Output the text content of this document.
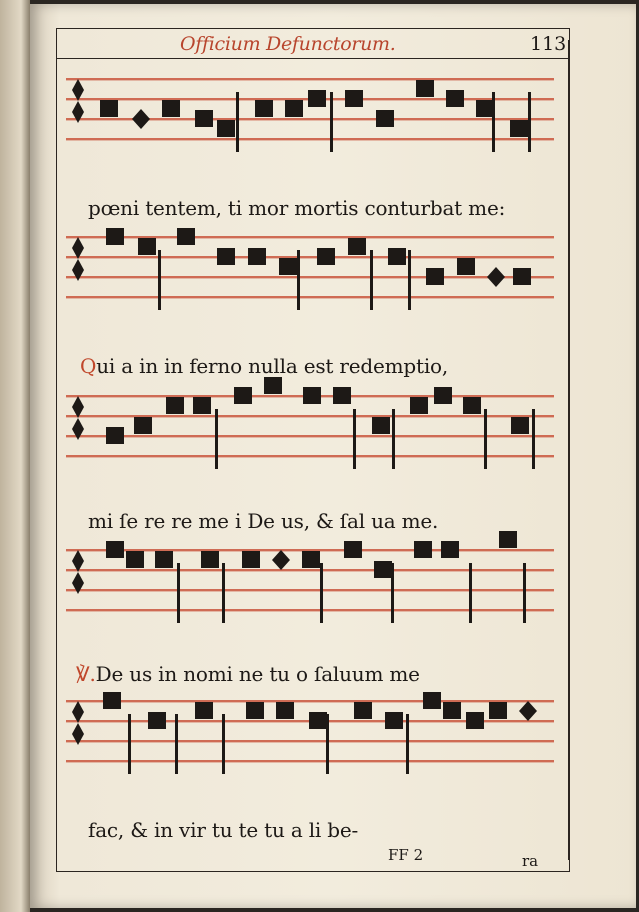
Officium Defunctorum.	113
pœni tentem, ti mor mortis conturbat me:
Qui a in in ferno nulla est redemptio,
mi ſe re re me i De us, & ſal ua me.
℣.De us in nomi ne tu o ſaluum me
fac, & in vir tu te tu a li be-
FF 2	ra
